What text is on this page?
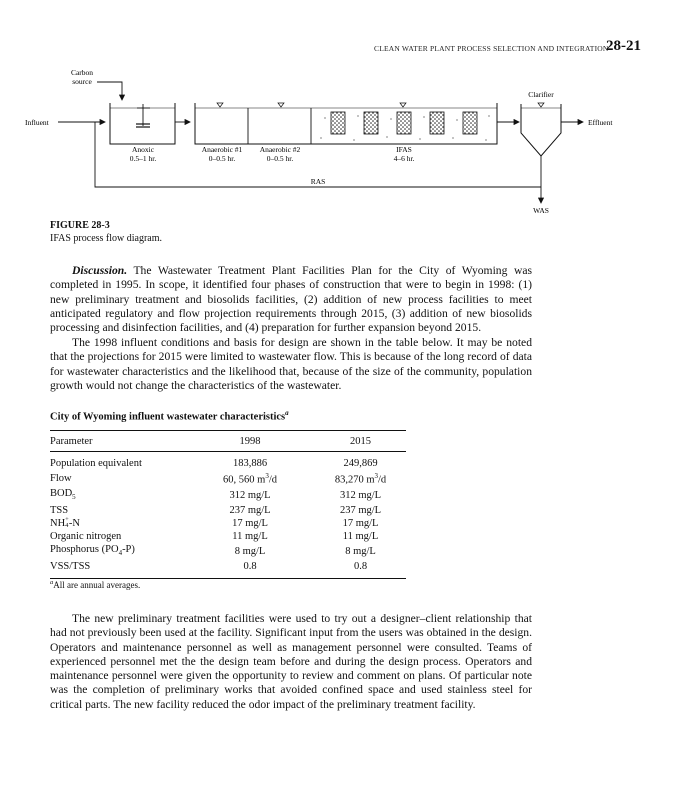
CLEAN WATER PLANT PROCESS SELECTION AND INTEGRATION
28-21
Carbon
source
Influent
Clarifier
Effluent
RAS
WAS
Anoxic
0.5–1 hr.
Anaerobic #1
0–0.5 hr.
Anaerobic #2
0–0.5 hr.
IFAS
4–6 hr.
FIGURE 28-3
IFAS process flow diagram.

Discussion. The Wastewater Treatment Plant Facilities Plan for the City of Wyoming was completed in 1995. In scope, it identified four phases of construction that were to begin in 1998: (1) new preliminary treatment and biosolids facilities, (2) addition of new process facilities to meet anticipated regulatory and flow projection requirements through 2015, (3) addition of new biosolids processing and disinfection facilities, and (4) preparation for further expansion beyond 2015.

The 1998 influent conditions and basis for design are shown in the table below. It may be noted that the projections for 2015 were limited to wastewater flow. This is because of the long record of data for wastewater characteristics and the likelihood that, because of the size of the community, population growth would not change the characteristics of the wastewater.

City of Wyoming influent wastewater characteristics$^a$
Parameter	1998	2015

Population equivalent	183,886	249,869
Flow	60, 560 $m^3/d$	83,270 $m^3/d$
$BOD_5$	312 mg/L	312 mg/L
TSS	237 mg/L	237 mg/L
NH +
4 -N	17 mg/L	17 mg/L
Organic nitrogen	11 mg/L	11 mg/L
Phosphorus $(PO_4-P)$	8 mg/L	8 mg/L
VSS/TSS	0.8	0.8
$^a$All are annual averages.

The new preliminary treatment facilities were used to try out a designer–client relationship that had not previously been used at the facility. Significant input from the users was obtained in the design. Operators and maintenance personnel as well as management personnel were consulted. Teams of experienced personnel met the the design team before and during the design process. Operators and maintenance personnel were given the opportunity to review and comment on plans. Of particular note was the completion of preliminary works that avoided confined space and used stainless steel for critical parts. The new facility reduced the odor impact of the preliminary treatment facility.
